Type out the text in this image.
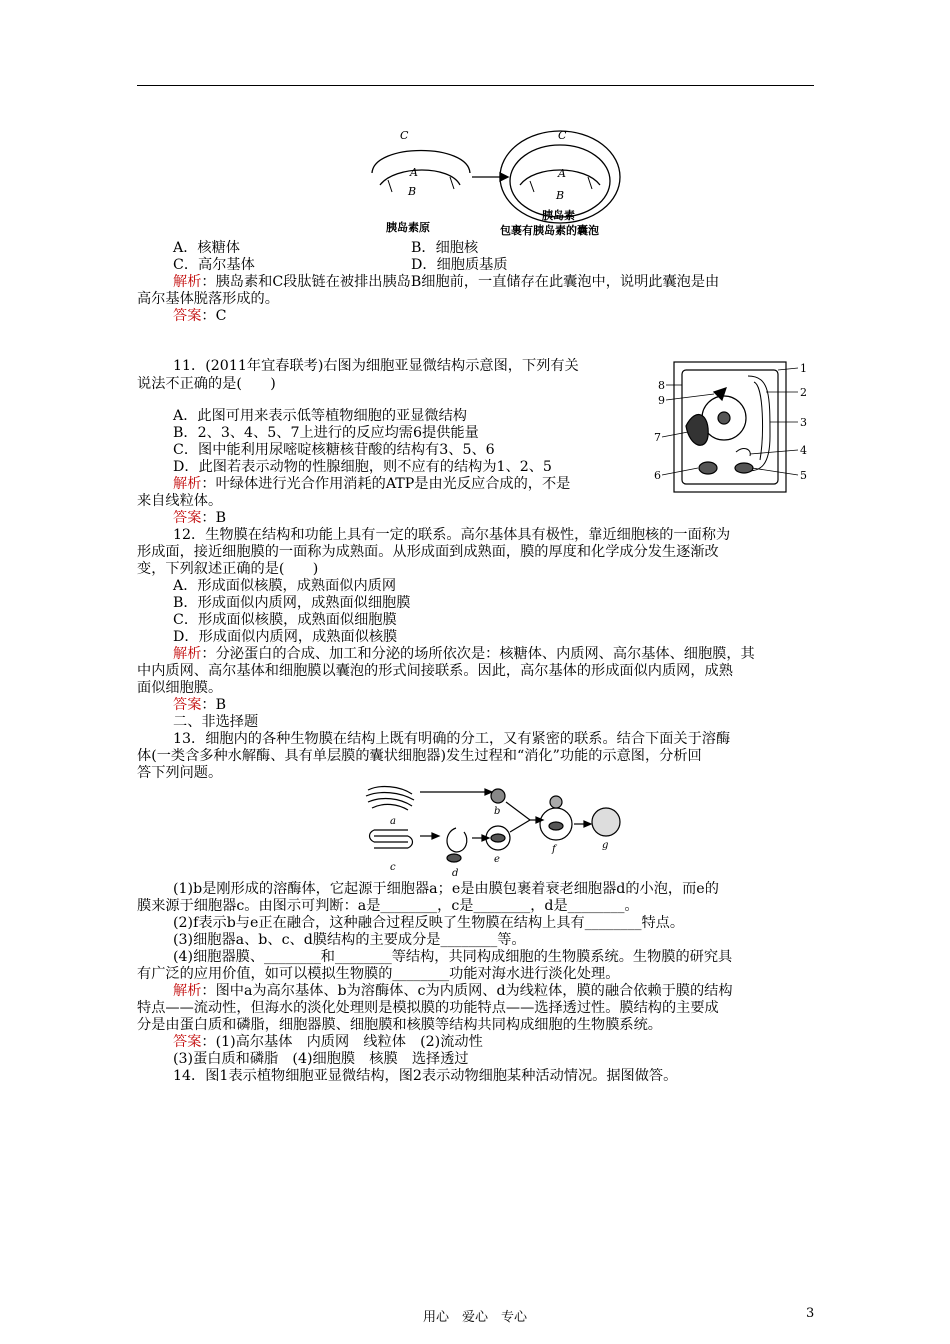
C
A
B
C
A
B
胰岛素原	包裹有胰岛素的囊泡
胰岛素
A．核糖体	B．细胞核
C．高尔基体	D．细胞质基质
解析：胰岛素和C段肽链在被排出胰岛B细胞前，一直储存在此囊泡中，说明此囊泡是由
高尔基体脱落形成的。
答案：C
11．(2011年宜春联考)右图为细胞亚显微结构示意图，下列有关
说法不正确的是(　　)
A．此图可用来表示低等植物细胞的亚显微结构
B．2、3、4、5、7上进行的反应均需6提供能量
C．图中能利用尿嘧啶核糖核苷酸的结构有3、5、6
D．此图若表示动物的性腺细胞，则不应有的结构为1、2、5
解析：叶绿体进行光合作用消耗的ATP是由光反应合成的，不是
来自线粒体。
答案：B
1
2
3
4
5
6
7
8
9
12．生物膜在结构和功能上具有一定的联系。高尔基体具有极性，靠近细胞核的一面称为
形成面，接近细胞膜的一面称为成熟面。从形成面到成熟面，膜的厚度和化学成分发生逐渐改
变，下列叙述正确的是(　　)
A．形成面似核膜，成熟面似内质网
B．形成面似内质网，成熟面似细胞膜
C．形成面似核膜，成熟面似细胞膜
D．形成面似内质网，成熟面似核膜
解析：分泌蛋白的合成、加工和分泌的场所依次是：核糖体、内质网、高尔基体、细胞膜，其
中内质网、高尔基体和细胞膜以囊泡的形式间接联系。因此，高尔基体的形成面似内质网，成熟
面似细胞膜。
答案：B
二、非选择题
13．细胞内的各种生物膜在结构上既有明确的分工，又有紧密的联系。结合下面关于溶酶
体(一类含多种水解酶、具有单层膜的囊状细胞器)发生过程和“消化”功能的示意图，分析回
答下列问题。
a
b
c
d
e
f	g
(1)b是刚形成的溶酶体，它起源于细胞器a；e是由膜包裹着衰老细胞器d的小泡，而e的
膜来源于细胞器c。由图示可判断：a是________，c是________，d是________。
(2)f表示b与e正在融合，这种融合过程反映了生物膜在结构上具有________特点。
(3)细胞器a、b、c、d膜结构的主要成分是________等。
(4)细胞器膜、________和________等结构，共同构成细胞的生物膜系统。生物膜的研究具
有广泛的应用价值，如可以模拟生物膜的________功能对海水进行淡化处理。
解析：图中a为高尔基体、b为溶酶体、c为内质网、d为线粒体，膜的融合依赖于膜的结构
特点——流动性，但海水的淡化处理则是模拟膜的功能特点——选择透过性。膜结构的主要成
分是由蛋白质和磷脂，细胞器膜、细胞膜和核膜等结构共同构成细胞的生物膜系统。
答案：(1)高尔基体　内质网　线粒体　(2)流动性
(3)蛋白质和磷脂　(4)细胞膜　核膜　选择透过
14．图1表示植物细胞亚显微结构，图2表示动物细胞某种活动情况。据图做答。
用心　爱心　专心	3
